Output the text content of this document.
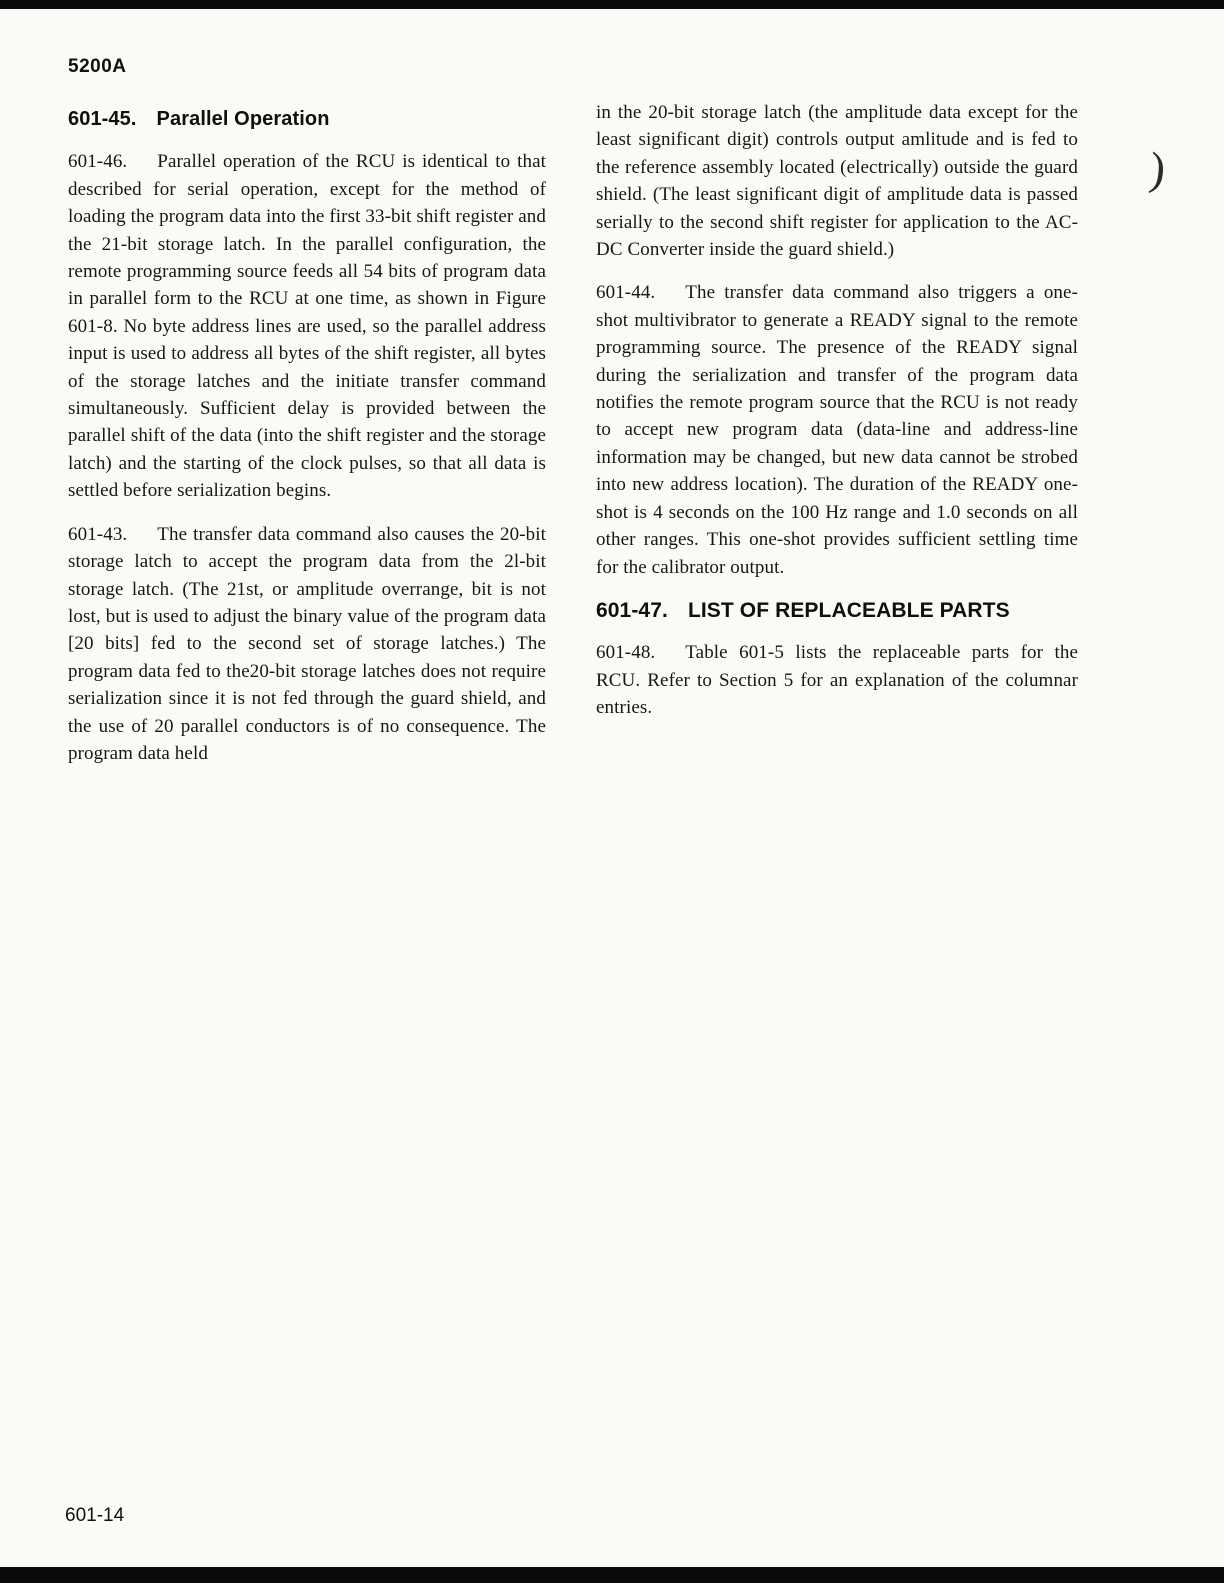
5200A
)
601-45. Parallel Operation

601-46. Parallel operation of the RCU is identical to that described for serial operation, except for the method of loading the program data into the first 33-bit shift register and the 21-bit storage latch. In the parallel configuration, the remote programming source feeds all 54 bits of program data in parallel form to the RCU at one time, as shown in Figure 601-8. No byte address lines are used, so the parallel address input is used to address all bytes of the shift register, all bytes of the storage latches and the initiate transfer command simultaneously. Sufficient delay is provided between the parallel shift of the data (into the shift register and the storage latch) and the starting of the clock pulses, so that all data is settled before serialization begins.

601-43. The transfer data command also causes the 20-bit storage latch to accept the program data from the 2l-bit storage latch. (The 21st, or amplitude overrange, bit is not lost, but is used to adjust the binary value of the program data [20 bits] fed to the second set of storage latches.) The program data fed to the20-bit storage latches does not require serialization since it is not fed through the guard shield, and the use of 20 parallel conductors is of no consequence. The program data held

in the 20-bit storage latch (the amplitude data except for the least significant digit) controls output amlitude and is fed to the reference assembly located (electrically) outside the guard shield. (The least significant digit of amplitude data is passed serially to the second shift register for application to the AC-DC Converter inside the guard shield.)

601-44. The transfer data command also triggers a one-shot multivibrator to generate a READY signal to the remote programming source. The presence of the READY signal during the serialization and transfer of the program data notifies the remote program source that the RCU is not ready to accept new program data (data-line and address-line information may be changed, but new data cannot be strobed into new address location). The duration of the READY one-shot is 4 seconds on the 100 Hz range and 1.0 seconds on all other ranges. This one-shot provides sufficient settling time for the calibrator output.

601-47. LIST OF REPLACEABLE PARTS

601-48. Table 601-5 lists the replaceable parts for the RCU. Refer to Section 5 for an explanation of the columnar entries.

601-14
